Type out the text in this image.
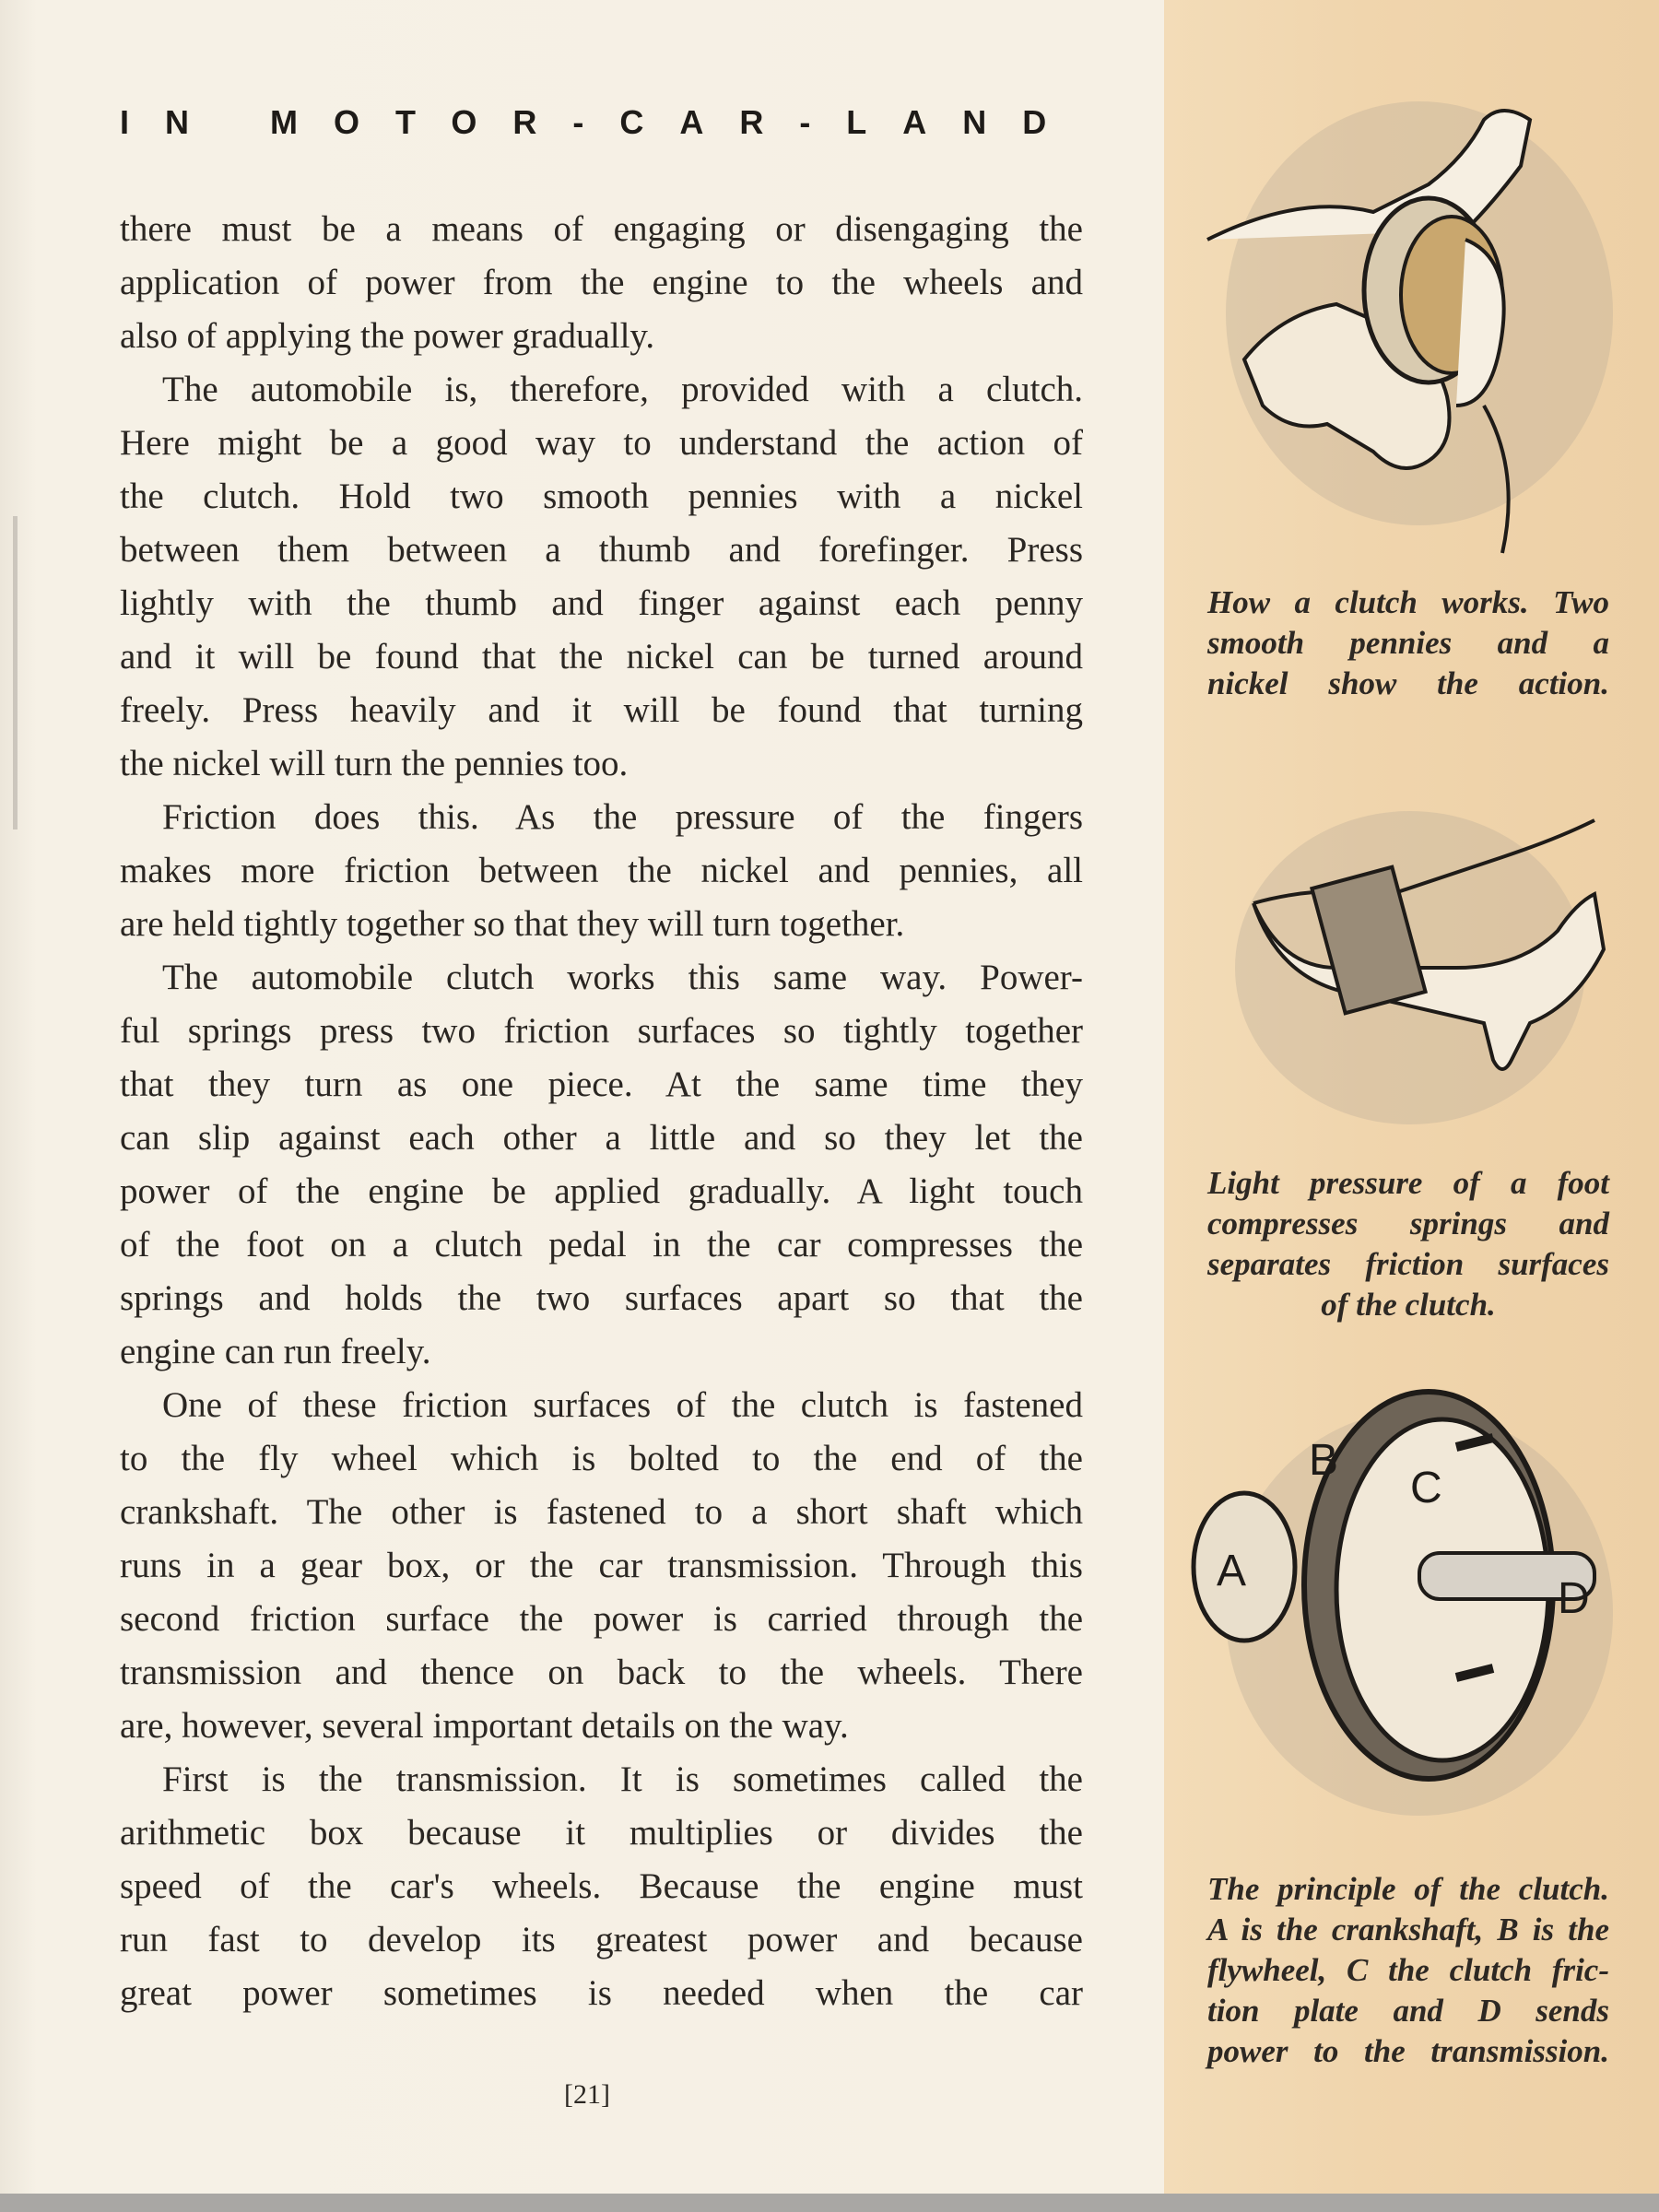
IN MOTOR-CAR-LAND
there must be a means of engaging or disengaging the
application of power from the engine to the wheels and
also of applying the power gradually.
The automobile is, therefore, provided with a clutch.
Here might be a good way to understand the action of
the clutch. Hold two smooth pennies with a nickel
between them between a thumb and forefinger. Press
lightly with the thumb and finger against each penny
and it will be found that the nickel can be turned around
freely. Press heavily and it will be found that turning
the nickel will turn the pennies too.
Friction does this. As the pressure of the fingers
makes more friction between the nickel and pennies, all
are held tightly together so that they will turn together.
The automobile clutch works this same way. Power-
ful springs press two friction surfaces so tightly together
that they turn as one piece. At the same time they
can slip against each other a little and so they let the
power of the engine be applied gradually. A light touch
of the foot on a clutch pedal in the car compresses the
springs and holds the two surfaces apart so that the
engine can run freely.
One of these friction surfaces of the clutch is fastened
to the fly wheel which is bolted to the end of the
crankshaft. The other is fastened to a short shaft which
runs in a gear box, or the car transmission. Through this
second friction surface the power is carried through the
transmission and thence on back to the wheels. There
are, however, several important details on the way.
First is the transmission. It is sometimes called the
arithmetic box because it multiplies or divides the
speed of the car's wheels. Because the engine must
run fast to develop its greatest power and because
great power sometimes is needed when the car
[21]
How a clutch works. Two
smooth pennies and a
nickel show the action.
Light pressure of a foot
compresses springs and
separates friction surfaces
of the clutch.
A
B
C
D
The principle of the clutch.
A is the crankshaft, B is the
flywheel, C the clutch fric-
tion plate and D sends
power to the transmission.
